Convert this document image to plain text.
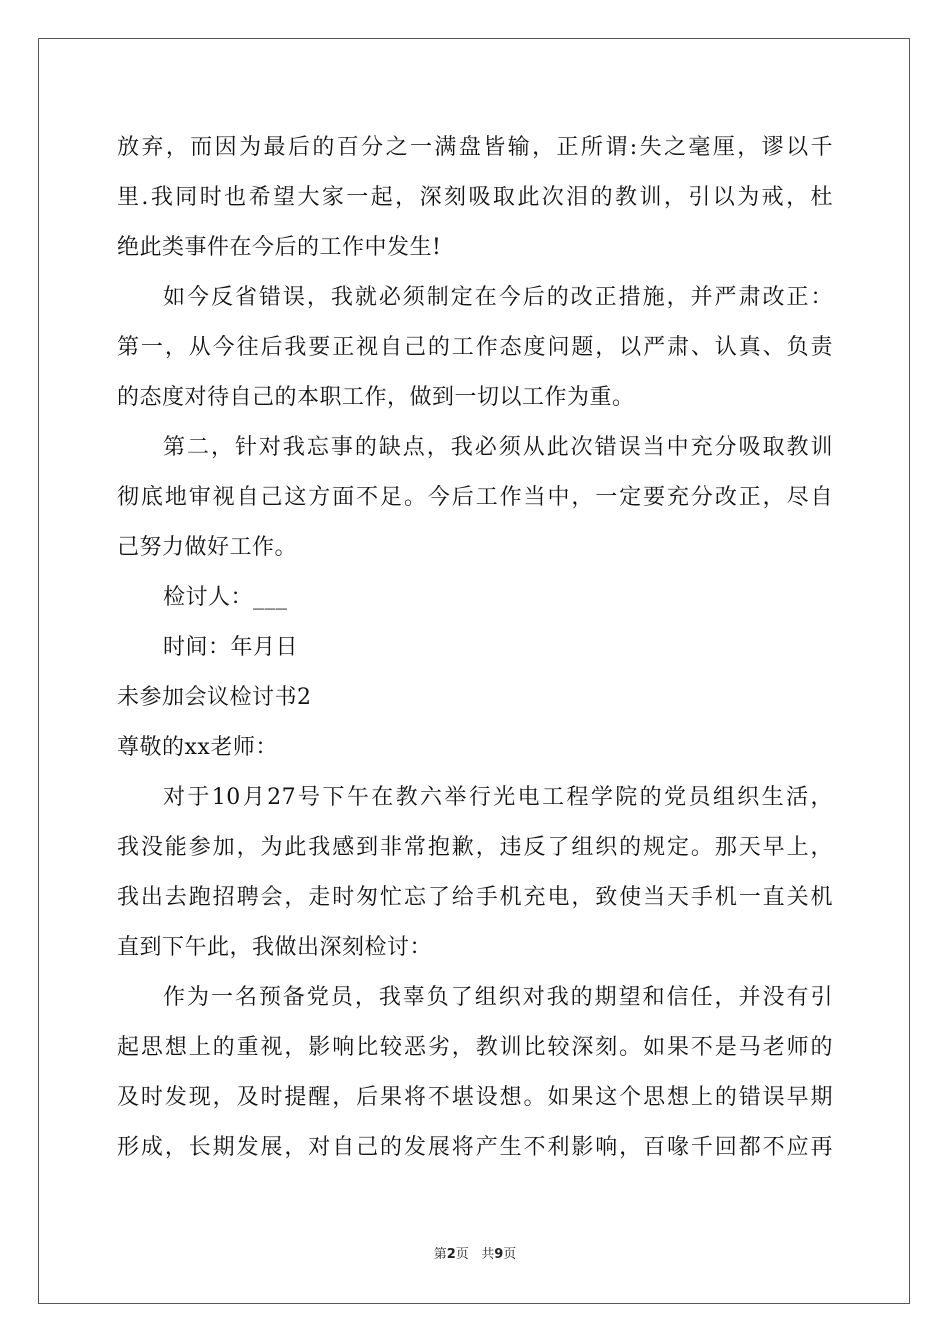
放弃，而因为最后的百分之一满盘皆输，正所谓:失之毫厘，谬以千
里.我同时也希望大家一起，深刻吸取此次泪的教训，引以为戒，杜
绝此类事件在今后的工作中发生!
如今反省错误，我就必须制定在今后的改正措施，并严肃改正：
第一，从今往后我要正视自己的工作态度问题，以严肃、认真、负责
的态度对待自己的本职工作，做到一切以工作为重。
第二，针对我忘事的缺点，我必须从此次错误当中充分吸取教训
彻底地审视自己这方面不足。今后工作当中，一定要充分改正，尽自
己努力做好工作。
检讨人：___
时间：年月日
未参加会议检讨书2
尊敬的xx老师：
对于10月27号下午在教六举行光电工程学院的党员组织生活，
我没能参加，为此我感到非常抱歉，违反了组织的规定。那天早上，
我出去跑招聘会，走时匆忙忘了给手机充电，致使当天手机一直关机
直到下午此，我做出深刻检讨：
作为一名预备党员，我辜负了组织对我的期望和信任，并没有引
起思想上的重视，影响比较恶劣，教训比较深刻。如果不是马老师的
及时发现，及时提醒，后果将不堪设想。如果这个思想上的错误早期
形成，长期发展，对自己的发展将产生不利影响，百喙千回都不应再
第2页 共9页
